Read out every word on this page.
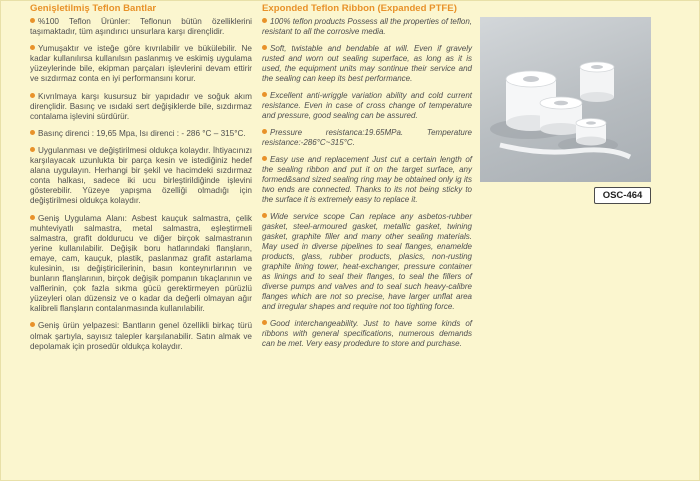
Genişletilmiş Teflon Bantlar

%100 Teflon Ürünler: Teflonun bütün özelliklerini taşımaktadır, tüm aşındırıcı unsurlara karşı dirençlidir.

Yumuşaktır ve isteğe göre kıvrılabilir ve bükülebilir. Ne kadar kullanılırsa kullanılsın paslanmış ve eskimiş uygulama yüzeylerinde bile, ekipman parçaları işlevlerini devam ettirir ve sızdırmaz conta en iyi performansını korur.

Kıvrılmaya karşı kusursuz bir yapıdadır ve soğuk akım dirençlidir. Basınç ve ısıdaki sert değişiklerde bile, sızdırmaz contalama işlevini sürdürür.

Basınç direnci : 19,65 Mpa, Isı direnci : - 286 °C – 315°C.

Uygulanması ve değiştirilmesi oldukça kolaydır. İhtiyacınızı karşılayacak uzunlukta bir parça kesin ve istediğiniz hedef alana uygulayın. Herhangi bir şekil ve hacimdeki sızdırmaz conta halkası, sadece iki ucu birleştirildiğinde işlevini gösterebilir. Yüzeye yapışma özelliği olmadığı için değiştirilmesi oldukça kolaydır.

Geniş Uygulama Alanı: Asbest kauçuk salmastra, çelik muhteviyatlı salmastra, metal salmastra, eşleştirmeli salmastra, grafit doldurucu ve diğer birçok salmastranın yerine kullanılabilir. Değişik boru hatlarındaki flanşların, emaye, cam, kauçuk, plastik, paslanmaz grafit astarlama kulesinin, ısı değiştiricilerinin, basın konteynırlarının ve bunların flanşlarının, birçok değişik pompanın tıkaçlarının ve valflerinin, çok fazla sıkma gücü gerektirmeyen pürüzlü yüzeyleri olan düzensiz ve o kadar da değerli olmayan ağır kalibreli flanşların contalanmasında kullanılabilir.

Geniş ürün yelpazesi: Bantların genel özellikli birkaç türü olmak şartıyla, sayısız talepler karşılanabilir. Satın almak ve depolamak için prosedür oldukça kolaydır.

Exponded Teflon Ribbon (Expanded PTFE)

100% teflon products Possess all the properties of teflon, resistant to all the corrosive media.

Soft, twistable and bendable at will. Even if gravely rusted and worn out sealing superface, as long as it is used, the equipment units may sontinue their service and the sealing can keep its best performance.

Excellent anti-wriggle variation ability and cold current resistance. Even in case of cross change of temperature and pressure, good sealing can be assured.

Pressure resistanca:19.65MPa. Temperature resistance:-286°C~315°C.

Easy use and replacement Just cut a certain length of the sealing ribbon and put it on the target surface, any formed&sand sized sealing ring may be obtained only ig its two ends are connected. Thanks to its not being sticky to the surface it is extremely easy to replace it.

Wide service scope Can replace any asbetos-rubber gasket, steel-armoured gasket, metallic gasket, twining gasket, graphite filler and many other sealing materials. May used in diverse pipelines to seal flanges, enamelde products, glass, rubber products, plasics, non-rusting graphite lining tower, heat-exchanger, pressure container as linings and to seal their flanges, to seal the fillers of diverse pumps and valves and to seal such heavy-calibre flanges which are not so precise, have larger unflat area and irregular shapes and require not too tighting force.

Good interchangeability. Just to have some kinds of ribbons with general specifications, numerous demands can be met. Very easy prodedure to store and purchase.

OSC-464
